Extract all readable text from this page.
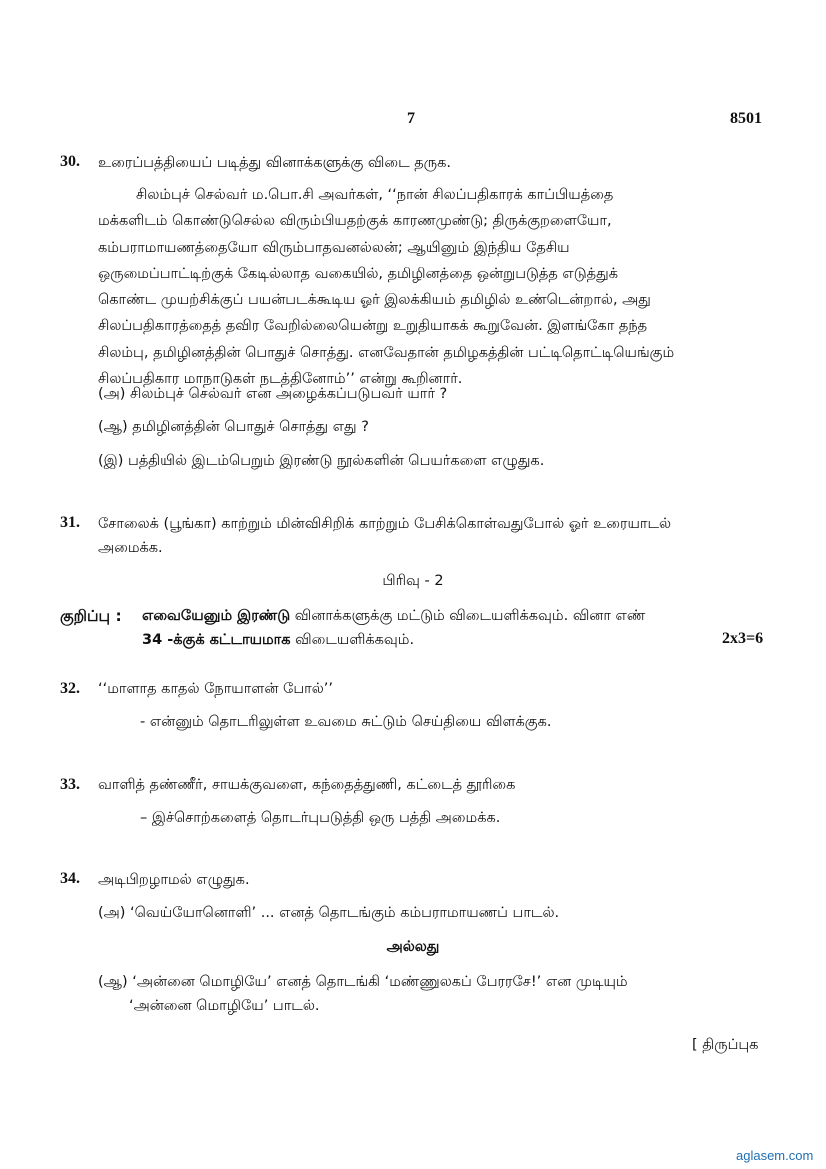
7	8501
30. உரைப்பத்தியைப் படித்து வினாக்களுக்கு விடை தருக.
சிலம்புச் செல்வர் ம.பொ.சி அவர்கள், ‘‘நான் சிலப்பதிகாரக் காப்பியத்தை
மக்களிடம் கொண்டுசெல்ல விரும்பியதற்குக் காரணமுண்டு; திருக்குறளையோ,
கம்பராமாயணத்தையோ விரும்பாதவனல்லன்; ஆயினும் இந்திய தேசிய
ஒருமைப்பாட்டிற்குக் கேடில்லாத வகையில், தமிழினத்தை ஒன்றுபடுத்த எடுத்துக்
கொண்ட முயற்சிக்குப் பயன்படக்கூடிய ஓர் இலக்கியம் தமிழில் உண்டென்றால், அது
சிலப்பதிகாரத்தைத் தவிர வேறில்லையென்று உறுதியாகக் கூறுவேன். இளங்கோ தந்த
சிலம்பு, தமிழினத்தின் பொதுச் சொத்து. எனவேதான் தமிழகத்தின் பட்டிதொட்டியெங்கும்
சிலப்பதிகார மாநாடுகள் நடத்தினோம்’’ என்று கூறினார்.
(அ) சிலம்புச் செல்வர் என அழைக்கப்படுபவர் யார் ?
(ஆ) தமிழினத்தின் பொதுச் சொத்து எது ?
(இ) பத்தியில் இடம்பெறும் இரண்டு நூல்களின் பெயர்களை எழுதுக.
31. சோலைக் (பூங்கா) காற்றும் மின்விசிறிக் காற்றும் பேசிக்கொள்வதுபோல் ஓர் உரையாடல்
அமைக்க.
பிரிவு - 2
குறிப்பு : எவையேனும் இரண்டு வினாக்களுக்கு மட்டும் விடையளிக்கவும். வினா எண்
34 -க்குக் கட்டாயமாக விடையளிக்கவும்.	2x3=6
32. ‘‘மாளாத காதல் நோயாளன் போல்’’
- என்னும் தொடரிலுள்ள உவமை சுட்டும் செய்தியை விளக்குக.
33. வாளித் தண்ணீர், சாயக்குவளை, கந்தைத்துணி, கட்டைத் தூரிகை
– இச்சொற்களைத் தொடர்புபடுத்தி ஒரு பத்தி அமைக்க.
34. அடிபிறழாமல் எழுதுக.
(அ) ‘வெய்யோனொளி’ ... எனத் தொடங்கும் கம்பராமாயணப் பாடல்.
அல்லது
(ஆ) ‘அன்னை மொழியே’ எனத் தொடங்கி ‘மண்ணுலகப் பேரரசே!’ என முடியும்
‘அன்னை மொழியே’ பாடல்.
[ திருப்புக
aglasem.com
